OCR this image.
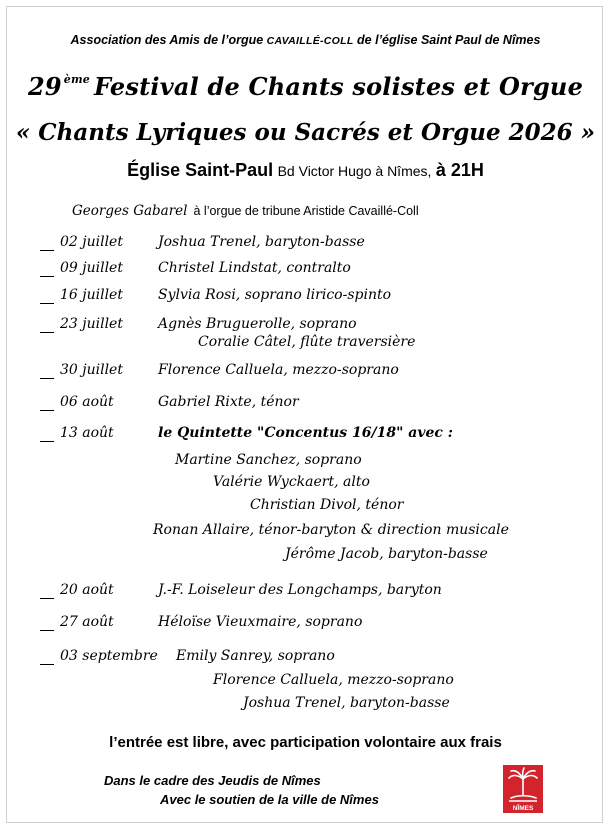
Association des Amis de l’orgue CAVAILLÉ-COLL de l’église Saint Paul de Nîmes
29 $^{ème}$ Festival de Chants solistes et Orgue
« Chants Lyriques ou Sacrés et Orgue 2026 »
Église Saint-Paul Bd Victor Hugo à Nîmes, à 21H
Georges Gabarel à l’orgue de tribune Aristide Cavaillé-Coll
02 juillet	Joshua Trenel, baryton-basse
09 juillet	Christel Lindstat, contralto
16 juillet	Sylvia Rosi, soprano lirico-spinto
23 juillet	Agnès Bruguerolle, soprano
Coralie Câtel, flûte traversière
30 juillet	Florence Calluela, mezzo-soprano
06 août	Gabriel Rixte, ténor
13 août	le Quintette "Concentus 16/18" avec :
Martine Sanchez, soprano
Valérie Wyckaert, alto
Christian Divol, ténor
Ronan Allaire, ténor-baryton & direction musicale
Jérôme Jacob, baryton-basse
20 août	J.-F. Loiseleur des Longchamps, baryton
27 août	Héloïse Vieuxmaire, soprano
03 septembre Emily Sanrey, soprano
Florence Calluela, mezzo-soprano
Joshua Trenel, baryton-basse
l’entrée est libre, avec participation volontaire aux frais
Dans le cadre des Jeudis de Nîmes
Avec le soutien de la ville de Nîmes
NÎMES
